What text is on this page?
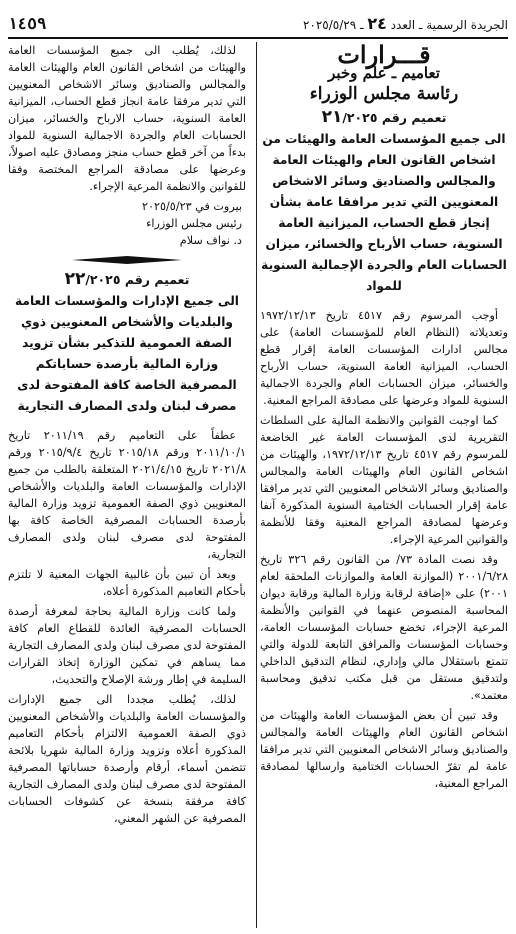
الجريدة الرسمية ـ العدد ٢٤ ـ ٢٠٢٥/٥/٢٩
١٤٥٩
قـــرارات
تعاميم ـ علم وخبر
رئاسة مجلس الوزراء
تعميم رقم ٢١/٢٠٢٥
الى جميع المؤسسات العامة والهيئات من اشخاص القانون العام والهيئات العامة والمجالس والصناديق وسائر الاشخاص المعنويين التي تدير مرافقا عامة بشأن إنجاز قطع الحساب، الميزانية العامة السنوية، حساب الأرباح والخسائر، ميزان الحسابات العام والجردة الإجمالية السنوية للمواد

أوجب المرسوم رقم ٤٥١٧ تاريخ ١٩٧٢/١٢/١٣ وتعديلاته (النظام العام للمؤسسات العامة) على مجالس ادارات المؤسسات العامة إقرار قطع الحساب، الميزانية العامة السنوية، حساب الأرباح والخسائر، ميزان الحسابات العام والجردة الاجمالية السنوية للمواد وعرضها على مصادقة المراجع المعنية.

كما اوجبت القوانين والانظمة المالية على السلطات التقريرية لدى المؤسسات العامة غير الخاضعة للمرسوم رقم ٤٥١٧ تاريخ ١٩٧٢/١٢/١٣، والهيئات من اشخاص القانون العام والهيئات العامة والمجالس والصناديق وسائر الاشخاص المعنويين التي تدير مرافقا عامة إقرار الحسابات الختامية السنوية المذكورة آنفا وعرضها لمصادقة المراجع المعنية وفقا للأنظمة والقوانين المرعية الإجراء.

وقد نصت المادة ٧٣/ من القانون رقم ٣٢٦ تاريخ ٢٠٠١/٦/٢٨ (الموازنة العامة والموازنات الملحقة لعام ٢٠٠١) على «إضافة لرقابة وزارة المالية ورقابة ديوان المحاسبة المنصوص عنهما في القوانين والأنظمة المرعية الإجراء، تخضع حسابات المؤسسات العامة، وحسابات المؤسسات والمرافق التابعة للدولة والتي تتمتع باستقلال مالي وإداري، لنظام التدقيق الداخلي ولتدقيق مستقل من قبل مكتب تدقيق ومحاسبة معتمد».

وقد تبين أن بعض المؤسسات العامة والهيئات من اشخاص القانون العام والهيئات العامة والمجالس والصناديق وسائر الاشخاص المعنويين التي تدير مرافقا عامة لم تقرّ الحسابات الختامية وارسالها لمصادقة المراجع المعنية،

لذلك، يُطلب الى جميع المؤسسات العامة والهيئات من اشخاص القانون العام والهيئات العامة والمجالس والصناديق وسائر الاشخاص المعنويين التي تدير مرفقا عامة انجاز قطع الحساب، الميزانية العامة السنوية، حساب الارباح والخسائر، ميزان الحسابات العام والجردة الاجمالية السنوية للمواد بدءاً من آخر قطع حساب منجز ومصادق عليه اصولاً، وعرضها على مصادقة المراجع المختصة وفقا للقوانين والانظمة المرعية الإجراء.

بيروت في ٢٠٢٥/٥/٢٣
رئيس مجلس الوزراء
د. نواف سلام
تعميم رقم ٢٢/٢٠٢٥
الى جميع الإدارات والمؤسسات العامة والبلديات والأشخاص المعنويين ذوي الصفة العمومية للتذكير بشأن تزويد وزارة المالية بأرصدة حساباتكم المصرفية الخاصة كافة المفتوحة لدى مصرف لبنان ولدى المصارف التجارية

عطفاً على التعاميم رقم ٢٠١١/١٩ تاريخ ٢٠١١/١٠/١ ورقم ٢٠١٥/١٨ تاريخ ٢٠١٥/٩/٤ ورقم ٢٠٢١/٨ تاريخ ٢٠٢١/٤/١٥ المتعلقة بالطلب من جميع الإدارات والمؤسسات العامة والبلديات والأشخاص المعنويين ذوي الصفة العمومية تزويد وزارة المالية بأرصدة الحسابات المصرفية الخاصة كافة بها المفتوحة لدى مصرف لبنان ولدى المصارف التجارية،

وبعد أن تبين بأن غالبية الجهات المعنية لا تلتزم بأحكام التعاميم المذكورة أعلاه،

ولما كانت وزارة المالية بحاجة لمعرفة أرصدة الحسابات المصرفية العائدة للقطاع العام كافة المفتوحة لدى مصرف لبنان ولدى المصارف التجارية مما يساهم في تمكين الوزارة إتخاذ القرارات السليمة في إطار ورشة الإصلاح والتحديث،

لذلك، يُطلب مجددا الى جميع الإدارات والمؤسسات العامة والبلديات والأشخاص المعنويين ذوي الصفة العمومية الالتزام بأحكام التعاميم المذكورة أعلاه وتزويد وزارة المالية شهريا بلائحة تتضمن أسماء، أرقام وأرصدة حساباتها المصرفية المفتوحة لدى مصرف لبنان ولدى المصارف التجارية كافة مرفقة بنسخة عن كشوفات الحسابات المصرفية عن الشهر المعني،
